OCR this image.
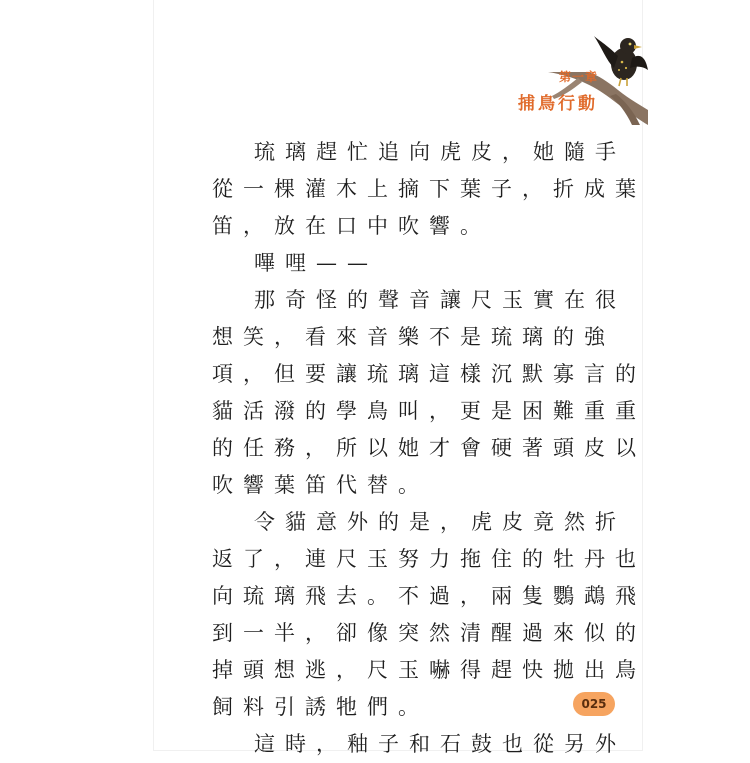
第一章
捕鳥行動
琉璃趕忙追向虎皮，她隨手
從一棵灌木上摘下葉子，折成葉
笛，放在口中吹響。
嗶哩——
那奇怪的聲音讓尺玉實在很
想笑，看來音樂不是琉璃的強
項，但要讓琉璃這樣沉默寡言的
貓活潑的學鳥叫，更是困難重重
的任務，所以她才會硬著頭皮以
吹響葉笛代替。
令貓意外的是，虎皮竟然折
返了，連尺玉努力拖住的牡丹也
向琉璃飛去。不過，兩隻鸚鵡飛
到一半，卻像突然清醒過來似的
掉頭想逃，尺玉嚇得趕快拋出鳥
飼料引誘牠們。
這時，釉子和石鼓也從另外
025
